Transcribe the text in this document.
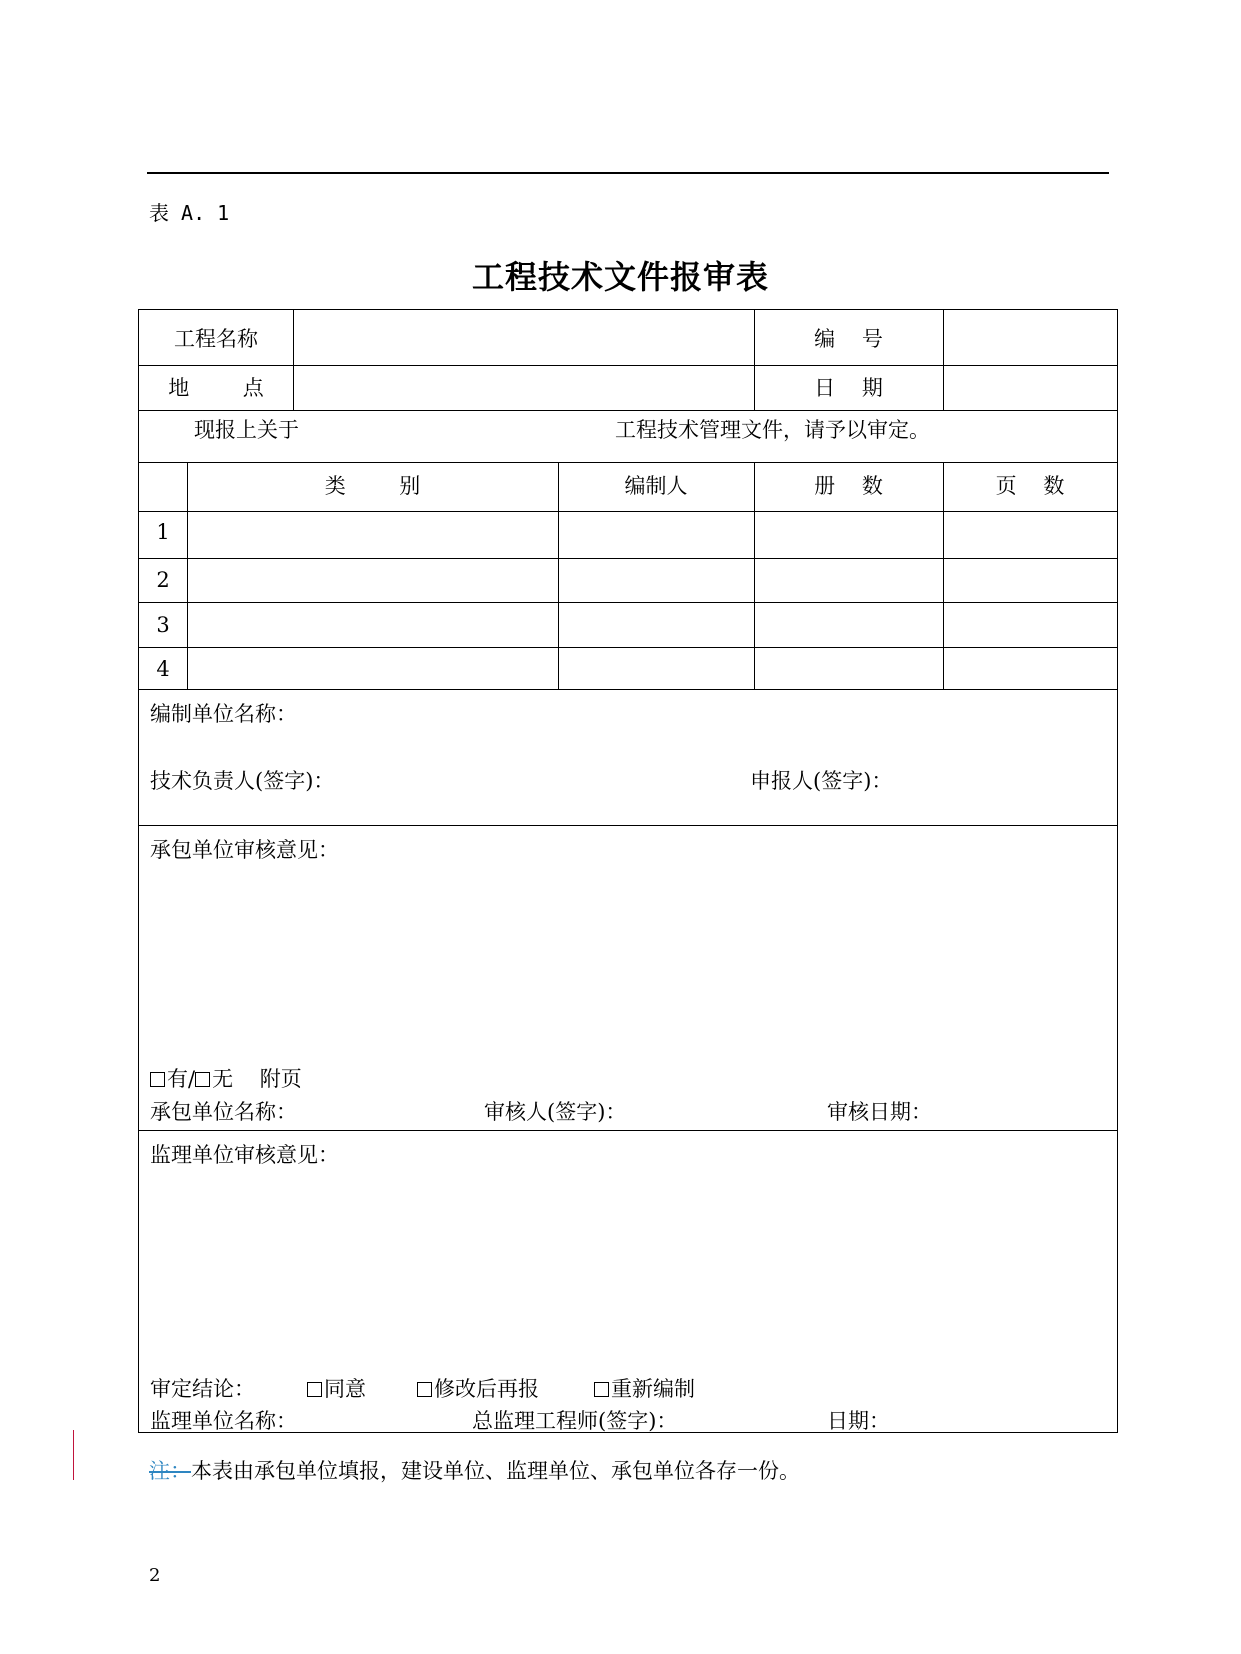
表 A. 1
工程技术文件报审表
工程名称	编    号
地        点	日    期
现报上关于	工程技术管理文件，请予以审定。
类        别	编制人	册    数	页    数
1
2
3
4
编制单位名称：
技术负责人(签字)：	申报人(签字)：
承包单位审核意见：
有/ 无 附页
承包单位名称：	审核人(签字)：	审核日期：
监理单位审核意见：
审定结论：	同意	修改后再报	重新编制
监理单位名称：	总监理工程师(签字)：	日期：
注：本表由承包单位填报，建设单位、监理单位、承包单位各存一份。
2
